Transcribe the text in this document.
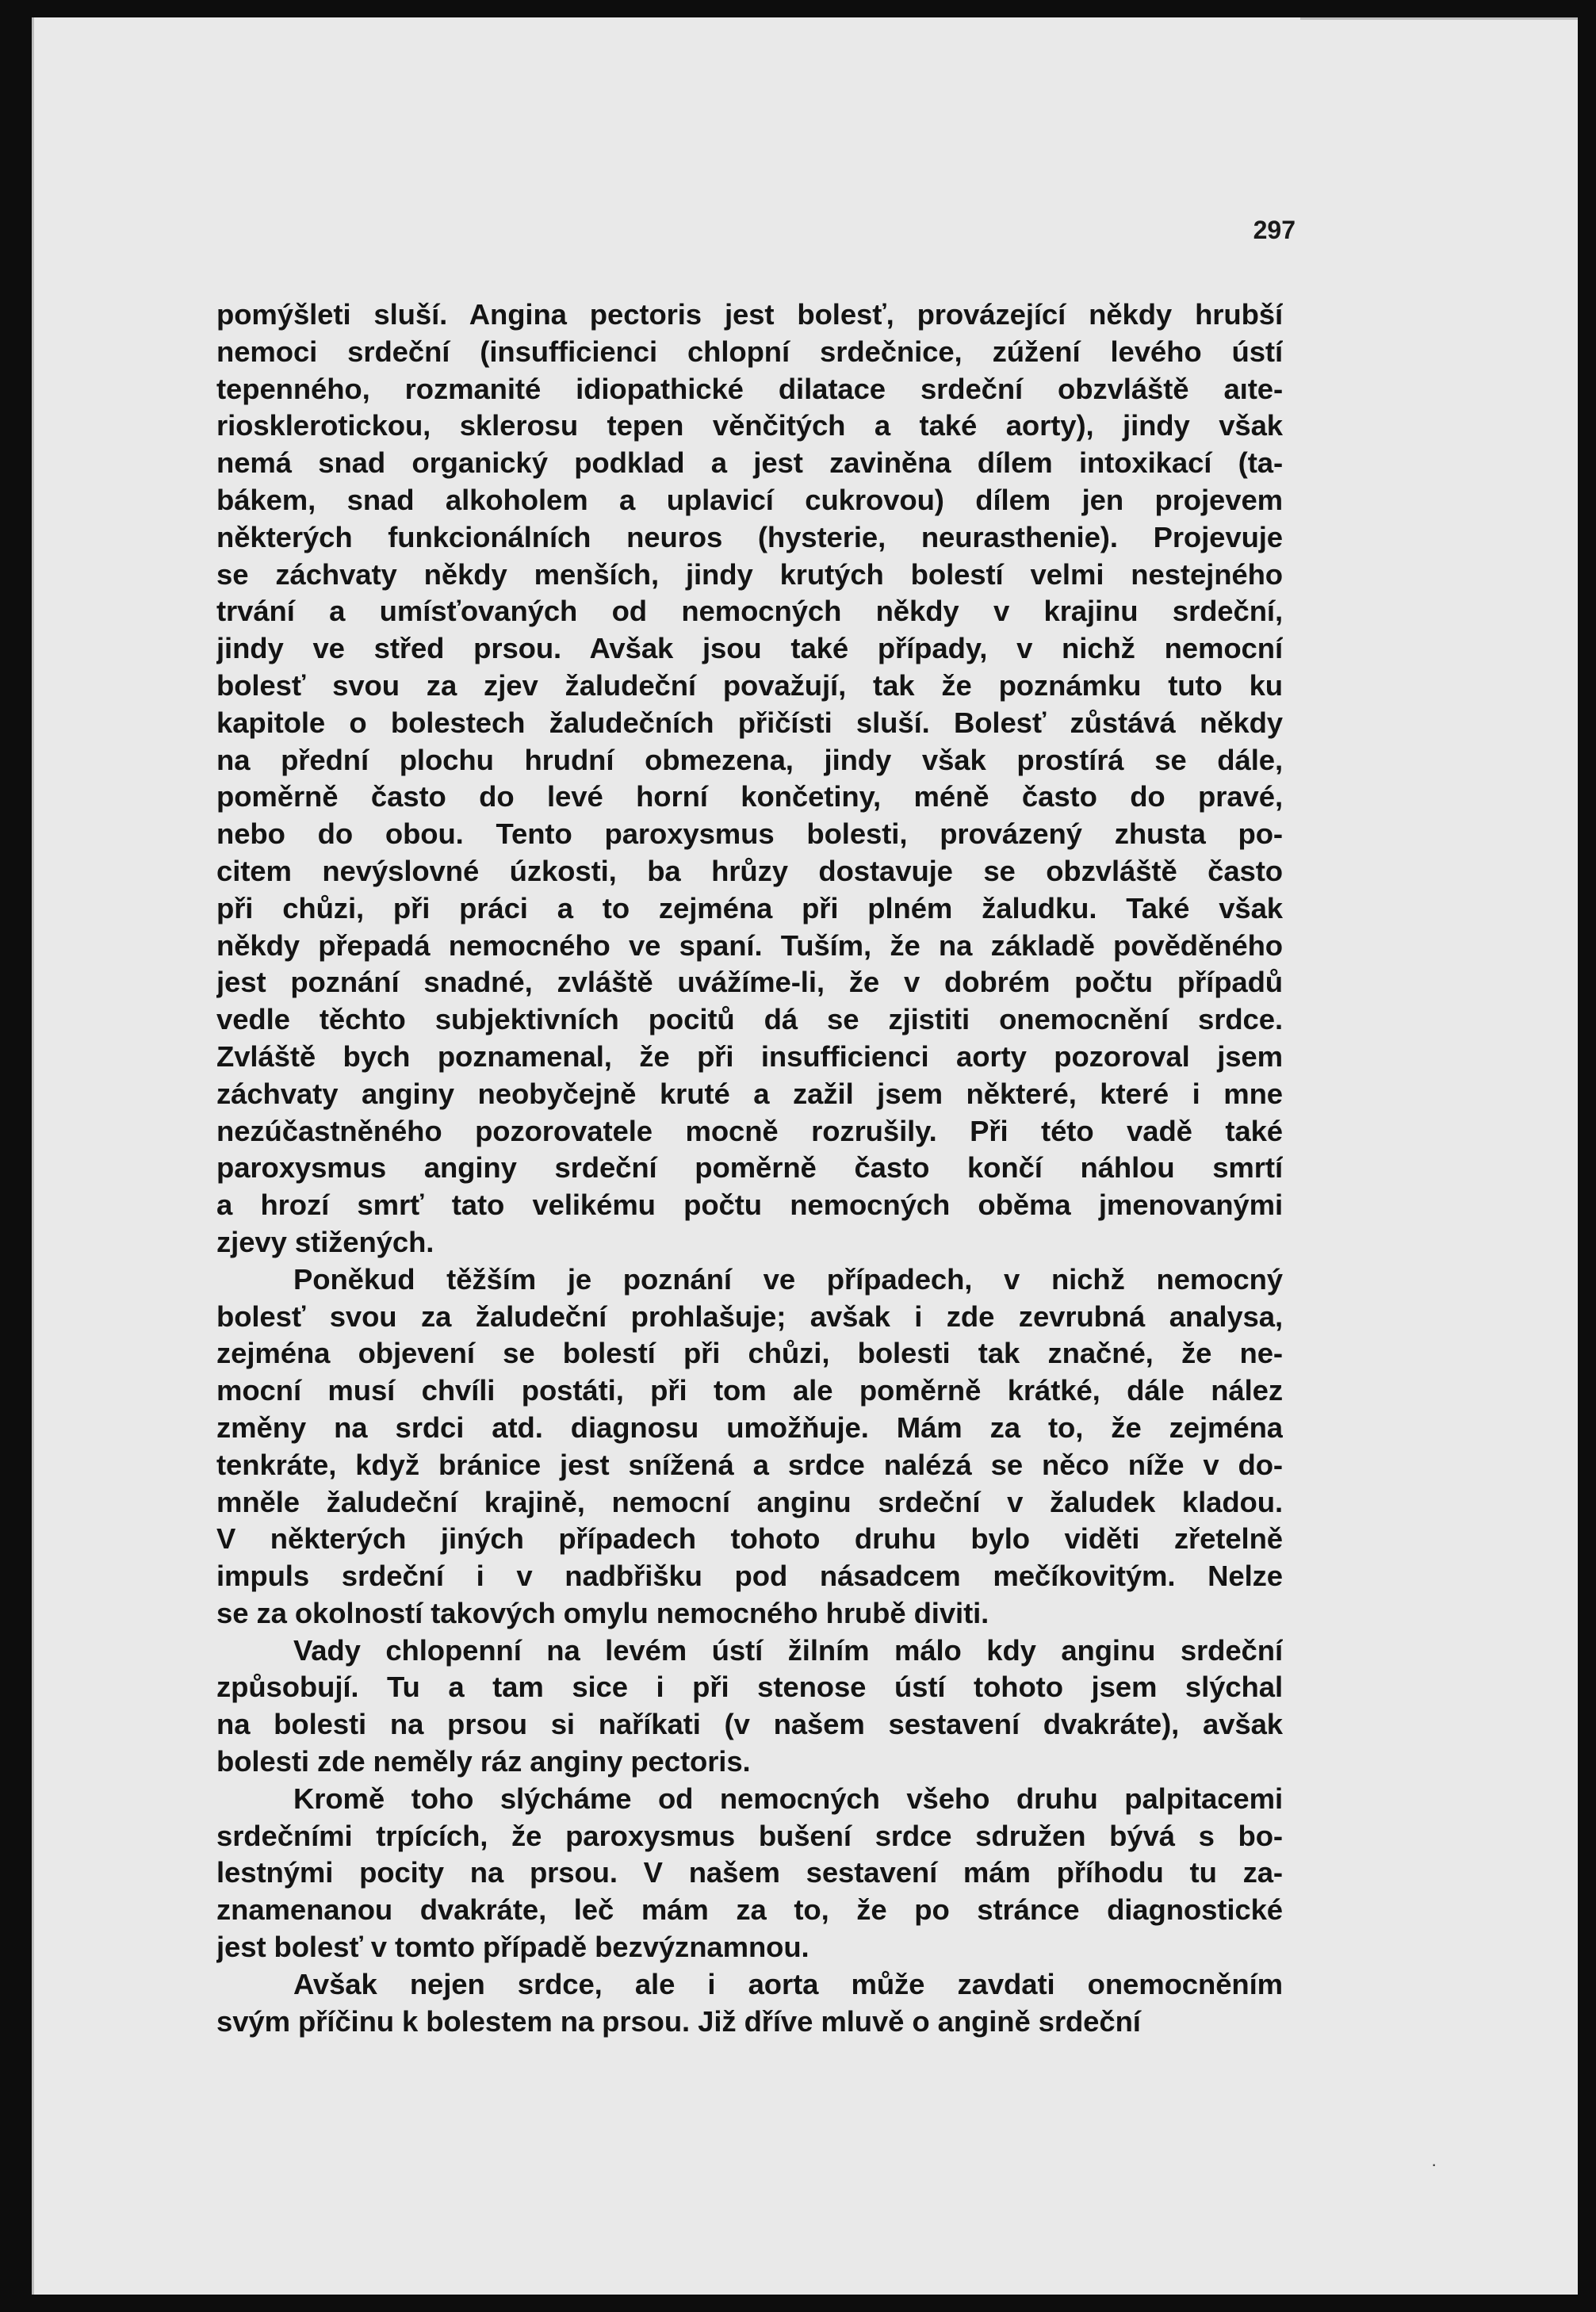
297
pomýšleti sluší. Angina pectoris jest bolesť, provázející někdy hrubší
nemoci srdeční (insufficienci chlopní srdečnice, zúžení levého ústí
tepenného, rozmanité idiopathické dilatace srdeční obzvláště aıte-
riosklerotickou, sklerosu tepen věnčitých a také aorty), jindy však
nemá snad organický podklad a jest zaviněna dílem intoxikací (ta-
bákem, snad alkoholem a uplavicí cukrovou) dílem jen projevem
některých funkcionálních neuros (hysterie, neurasthenie). Projevuje
se záchvaty někdy menších, jindy krutých bolestí velmi nestejného
trvání a umísťovaných od nemocných někdy v krajinu srdeční,
jindy ve střed prsou. Avšak jsou také případy, v nichž nemocní
bolesť svou za zjev žaludeční považují, tak že poznámku tuto ku
kapitole o bolestech žaludečních přičísti sluší. Bolesť zůstává někdy
na přední plochu hrudní obmezena, jindy však prostírá se dále,
poměrně často do levé horní končetiny, méně často do pravé,
nebo do obou. Tento paroxysmus bolesti, provázený zhusta po-
citem nevýslovné úzkosti, ba hrůzy dostavuje se obzvláště často
při chůzi, při práci a to zejména při plném žaludku. Také však
někdy přepadá nemocného ve spaní. Tuším, že na základě pověděného
jest poznání snadné, zvláště uvážíme-li, že v dobrém počtu případů
vedle těchto subjektivních pocitů dá se zjistiti onemocnění srdce.
Zvláště bych poznamenal, že při insufficienci aorty pozoroval jsem
záchvaty anginy neobyčejně kruté a zažil jsem některé, které i mne
nezúčastněného pozorovatele mocně rozrušily. Při této vadě také
paroxysmus anginy srdeční poměrně často končí náhlou smrtí
a hrozí smrť tato velikému počtu nemocných oběma jmenovanými
zjevy stižených.
Poněkud těžším je poznání ve případech, v nichž nemocný
bolesť svou za žaludeční prohlašuje; avšak i zde zevrubná analysa,
zejména objevení se bolestí při chůzi, bolesti tak značné, že ne-
mocní musí chvíli postáti, při tom ale poměrně krátké, dále nález
změny na srdci atd. diagnosu umožňuje. Mám za to, že zejména
tenkráte, když bránice jest snížená a srdce nalézá se něco níže v do-
mněle žaludeční krajině, nemocní anginu srdeční v žaludek kladou.
V některých jiných případech tohoto druhu bylo viděti zřetelně
impuls srdeční i v nadbřišku pod násadcem mečíkovitým. Nelze
se za okolností takových omylu nemocného hrubě diviti.
Vady chlopenní na levém ústí žilním málo kdy anginu srdeční
způsobují. Tu a tam sice i při stenose ústí tohoto jsem slýchal
na bolesti na prsou si naříkati (v našem sestavení dvakráte), avšak
bolesti zde neměly ráz anginy pectoris.
Kromě toho slýcháme od nemocných všeho druhu palpitacemi
srdečními trpících, že paroxysmus bušení srdce sdružen bývá s bo-
lestnými pocity na prsou. V našem sestavení mám příhodu tu za-
znamenanou dvakráte, leč mám za to, že po stránce diagnostické
jest bolesť v tomto případě bezvýznamnou.
Avšak nejen srdce, ale i aorta může zavdati onemocněním
svým příčinu k bolestem na prsou. Již dříve mluvě o angině srdeční
·
